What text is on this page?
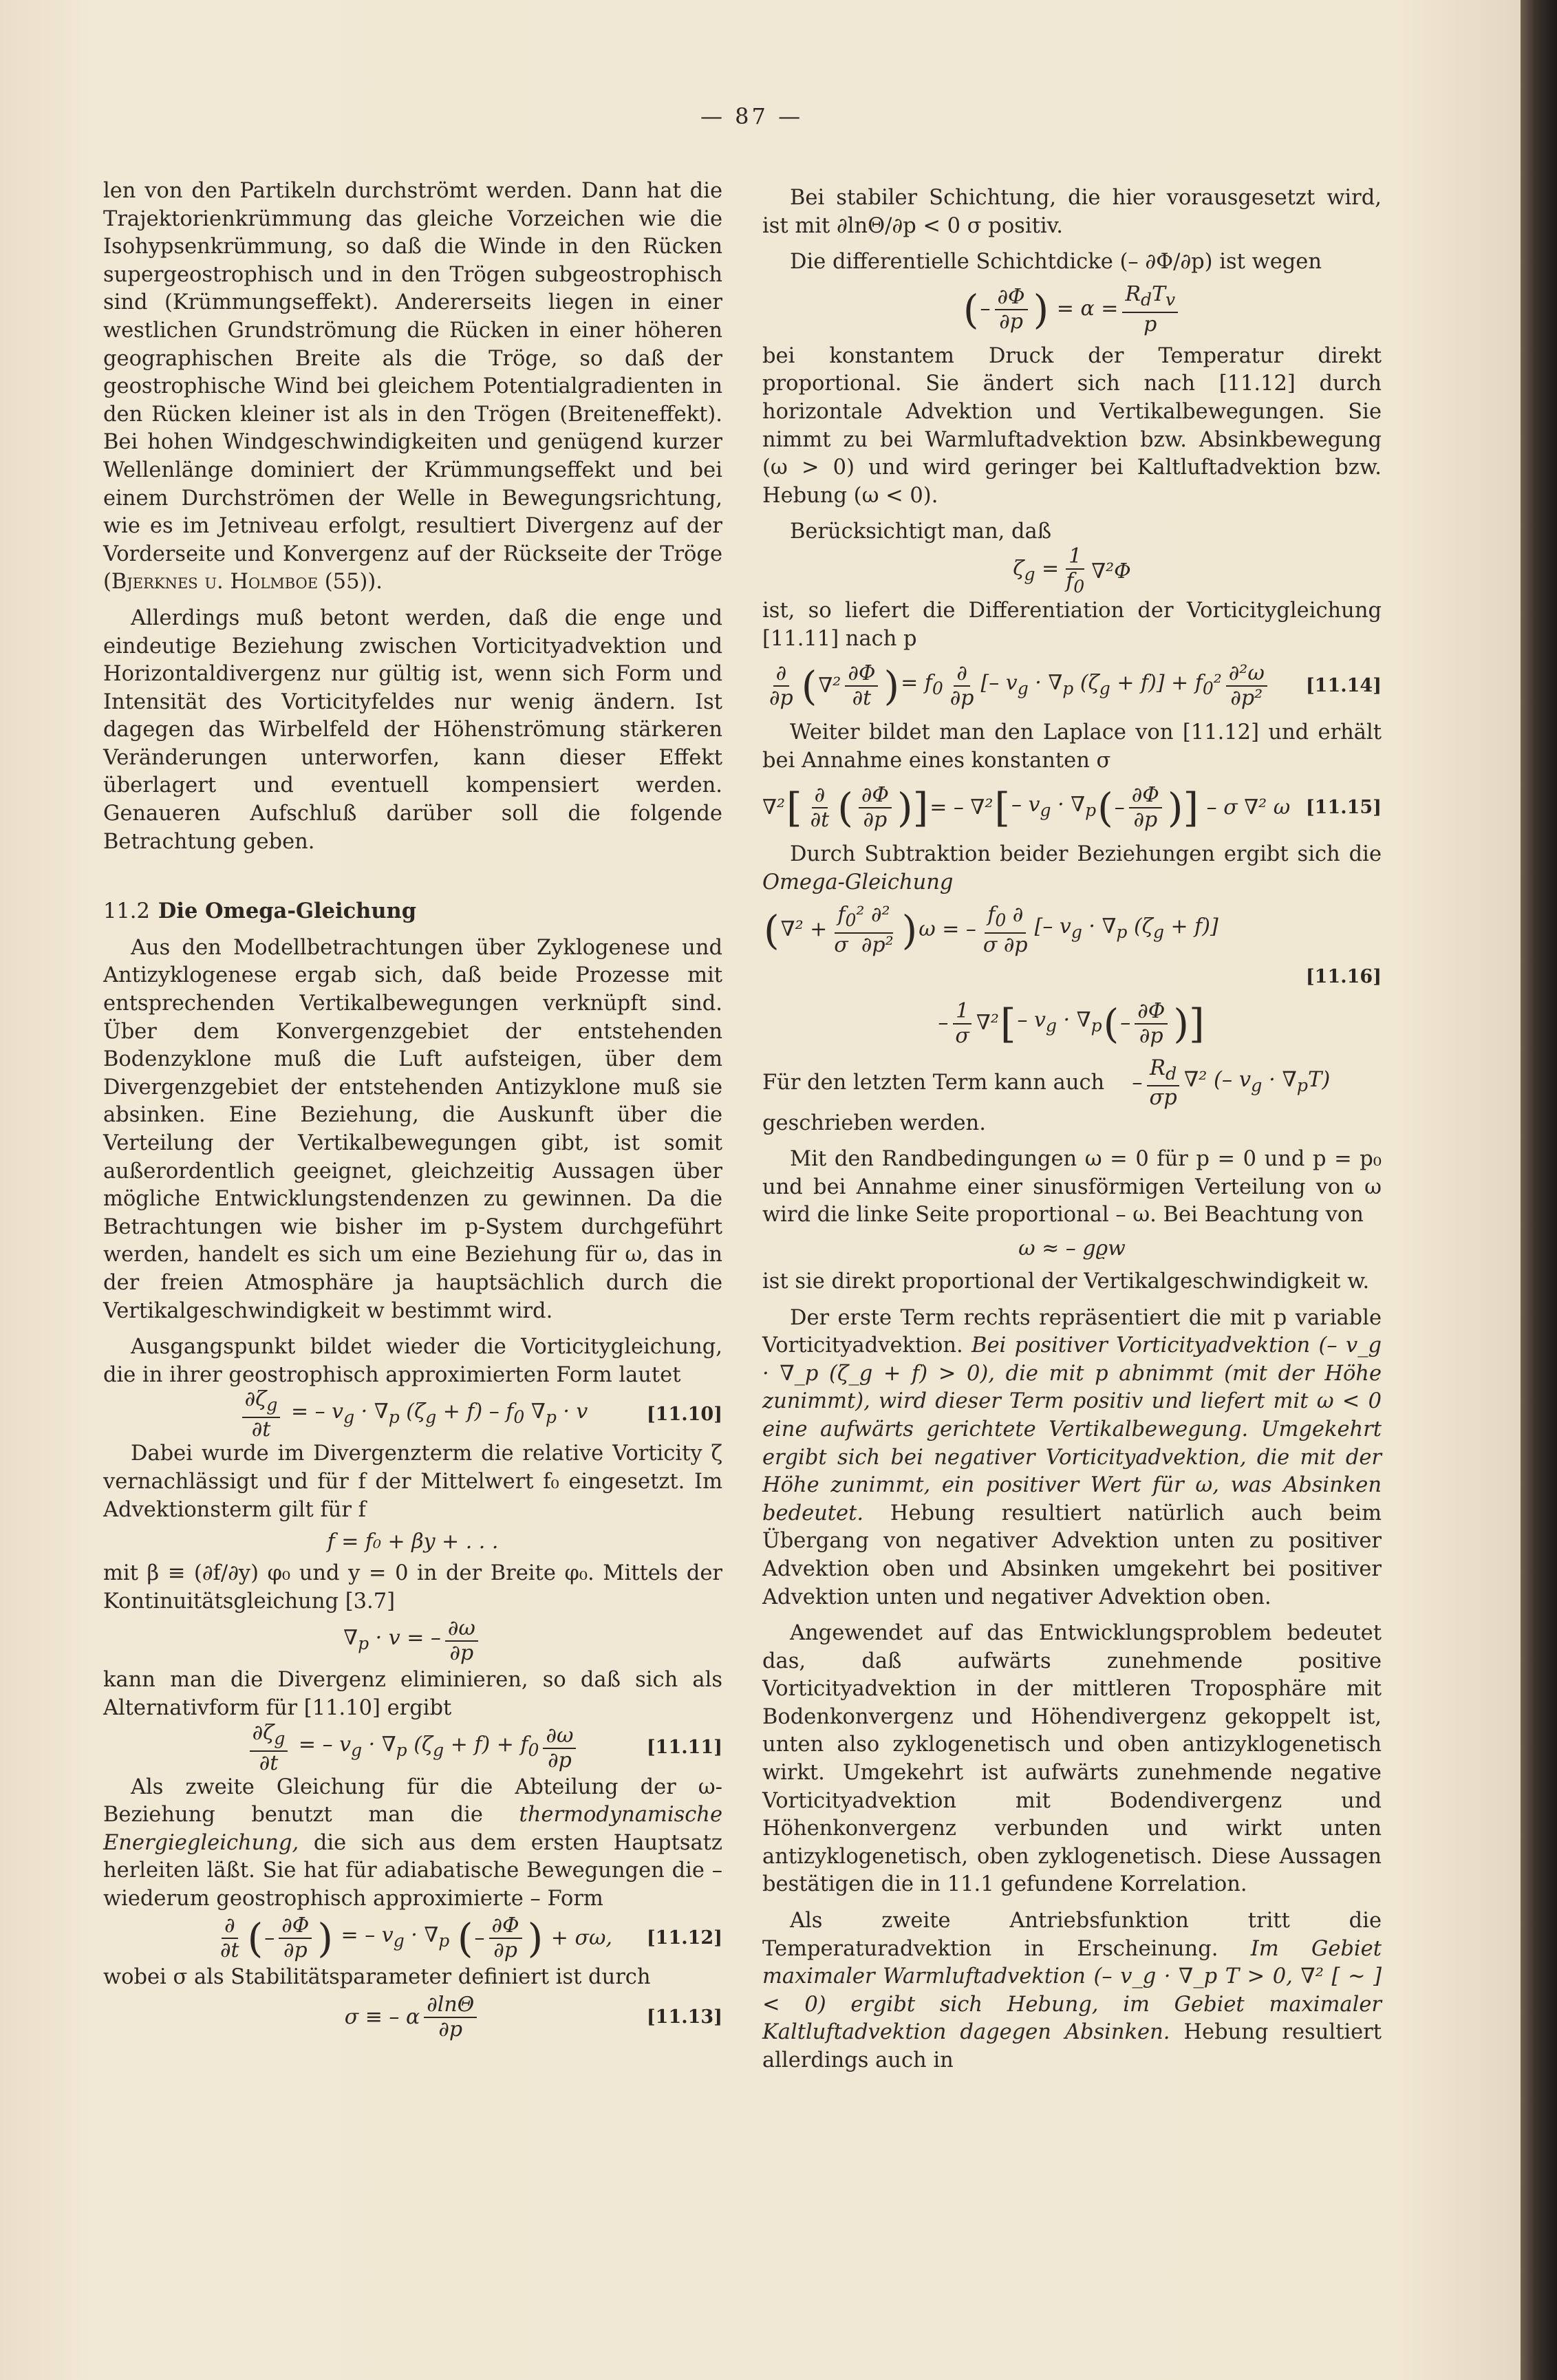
— 87 —

len von den Partikeln durchströmt werden. Dann hat die Trajektorienkrümmung das gleiche Vorzeichen wie die Isohypsenkrümmung, so daß die Winde in den Rücken supergeostrophisch und in den Trögen subgeostrophisch sind (Krümmungseffekt). Andererseits liegen in einer westlichen Grundströmung die Rücken in einer höheren geographischen Breite als die Tröge, so daß der geostrophische Wind bei gleichem Potentialgradienten in den Rücken kleiner ist als in den Trögen (Breiteneffekt). Bei hohen Windgeschwindigkeiten und genügend kurzer Wellenlänge dominiert der Krümmungseffekt und bei einem Durchströmen der Welle in Bewegungsrichtung, wie es im Jetniveau erfolgt, resultiert Divergenz auf der Vorderseite und Konvergenz auf der Rückseite der Tröge (Bjerknes u. Holmboe (55)).

Allerdings muß betont werden, daß die enge und eindeutige Beziehung zwischen Vorticityadvektion und Horizontaldivergenz nur gültig ist, wenn sich Form und Intensität des Vorticityfeldes nur wenig ändern. Ist dagegen das Wirbelfeld der Höhenströmung stärkeren Veränderungen unterworfen, kann dieser Effekt überlagert und eventuell kompensiert werden. Genaueren Aufschluß darüber soll die folgende Betrachtung geben.

11.2 Die Omega-Gleichung

Aus den Modellbetrachtungen über Zyklogenese und Antizyklogenese ergab sich, daß beide Prozesse mit entsprechenden Vertikalbewegungen verknüpft sind. Über dem Konvergenzgebiet der entstehenden Bodenzyklone muß die Luft aufsteigen, über dem Divergenzgebiet der entstehenden Antizyklone muß sie absinken. Eine Beziehung, die Auskunft über die Verteilung der Vertikalbewegungen gibt, ist somit außerordentlich geeignet, gleichzeitig Aussagen über mögliche Entwicklungstendenzen zu gewinnen. Da die Betrachtungen wie bisher im p-System durchgeführt werden, handelt es sich um eine Beziehung für ω, das in der freien Atmosphäre ja hauptsächlich durch die Vertikalgeschwindigkeit w bestimmt wird.

Ausgangspunkt bildet wieder die Vorticitygleichung, die in ihrer geostrophisch approximierten Form lautet

$\frac{\partial\zeta_g}{\partial t}$ = – $v_g \cdot \nabla_p$ $(\zeta_g + f) - f_0$ $\nabla_p \cdot v$	[11.10]

Dabei wurde im Divergenzterm die relative Vorticity ζ vernachlässigt und für f der Mittelwert f₀ eingesetzt. Im Advektionsterm gilt für f

f = f₀ + βy + . . .

mit β ≡ (∂f/∂y) φ₀ und y = 0 in der Breite φ₀. Mittels der Kontinuitätsgleichung [3.7]

$\nabla_p \cdot v$ = – $\frac{\partial\omega}{\partial p}$

kann man die Divergenz eliminieren, so daß sich als Alternativform für [11.10] ergibt

$\frac{\partial\zeta_g}{\partial t}$ = – $v_g \cdot \nabla_p$ $(\zeta_g + f) + f_0 \frac{\partial\omega}{\partial p}$	[11.11]

Als zweite Gleichung für die Abteilung der ω-Beziehung benutzt man die thermodynamische Energiegleichung, die sich aus dem ersten Hauptsatz herleiten läßt. Sie hat für adiabatische Bewegungen die – wiederum geostrophisch approximierte – Form

$\frac{\partial}{\partial t}$ ( – $\frac{\partial\Phi}{\partial p}$ ) = – $v_g \cdot \nabla_p$ ( – $\frac{\partial\Phi}{\partial p}$ ) + σω, [11.12]

wobei σ als Stabilitätsparameter definiert ist durch

σ ≡ – α $\frac{\partial\ln\Theta}{\partial p}$	[11.13]

Bei stabiler Schichtung, die hier vorausgesetzt wird, ist mit ∂lnΘ/∂p < 0 σ positiv.

Die differentielle Schichtdicke (– ∂Φ/∂p) ist wegen

( – $\frac{\partial\Phi}{\partial p}$ ) = $\alpha = \frac{R_dT_v}{p}$

bei konstantem Druck der Temperatur direkt proportional. Sie ändert sich nach [11.12] durch horizontale Advektion und Vertikalbewegungen. Sie nimmt zu bei Warmluftadvektion bzw. Absinkbewegung (ω > 0) und wird geringer bei Kaltluftadvektion bzw. Hebung (ω < 0).

Berücksichtigt man, daß

$\zeta_g = \frac{1}{f_0} \nabla^2\Phi$

ist, so liefert die Differentiation der Vorticitygleichung [11.11] nach p

$\frac{\partial}{\partial p}$ ( $\nabla^2 \frac{\partial\Phi}{\partial t}$ ) = $f_0 \frac{\partial}{\partial p}$ [– $v_g \cdot \nabla_p$ $(\zeta_g + f)] + f_0^2 \frac{\text{∂²ω}}{\text{∂p²}} [11.14]$

Weiter bildet man den Laplace von [11.12] und erhält bei Annahme eines konstanten σ

∇² [ $\frac{\partial}{\partial t}$ ( $\frac{\partial\Phi}{\partial p}$ )] = – ∇² [ – $v_g \cdot \nabla_p$ ( – $\frac{\partial\Phi}{\partial p}$ )] – σ ∇² ω [11.15]

Durch Subtraktion beider Beziehungen ergibt sich die Omega-Gleichung

( $\nabla^2 + \frac{f_0^2 \partial^2}{\text{σ  ∂p²}}$ ) ω = – $\frac{f_0 \partial}{\sigma \partial p}$ [– $v_g \cdot \nabla_p$ $(\zeta_g + f)$]
[11.16]
– $\frac{1}{\sigma} \nabla^2$ [ – $v_g \cdot \nabla_p$ ( – $\frac{\partial\Phi}{\partial p}$ )]

Für den letzten Term kann auch – $\frac{R_d}{\sigma p} \nabla^2$ (– $v_g \cdot \nabla_pT$)

geschrieben werden.

Mit den Randbedingungen ω = 0 für p = 0 und p = p₀ und bei Annahme einer sinusförmigen Verteilung von ω wird die linke Seite proportional – ω. Bei Beachtung von

ω ≈ – gϱw

ist sie direkt proportional der Vertikalgeschwindigkeit w.

Der erste Term rechts repräsentiert die mit p variable Vorticityadvektion. Bei positiver Vorticityadvektion (– v_g · ∇_p (ζ_g + f) > 0), die mit p abnimmt (mit der Höhe zunimmt), wird dieser Term positiv und liefert mit ω < 0 eine aufwärts gerichtete Vertikalbewegung. Umgekehrt ergibt sich bei negativer Vorticityadvektion, die mit der Höhe zunimmt, ein positiver Wert für ω, was Absinken bedeutet. Hebung resultiert natürlich auch beim Übergang von negativer Advektion unten zu positiver Advektion oben und Absinken umgekehrt bei positiver Advektion unten und negativer Advektion oben.

Angewendet auf das Entwicklungsproblem bedeutet das, daß aufwärts zunehmende positive Vorticityadvektion in der mittleren Troposphäre mit Bodenkonvergenz und Höhendivergenz gekoppelt ist, unten also zyklogenetisch und oben antizyklogenetisch wirkt. Umgekehrt ist aufwärts zunehmende negative Vorticityadvektion mit Bodendivergenz und Höhenkonvergenz verbunden und wirkt unten antizyklogenetisch, oben zyklogenetisch. Diese Aussagen bestätigen die in 11.1 gefundene Korrelation.

Als zweite Antriebsfunktion tritt die Temperaturadvektion in Erscheinung. Im Gebiet maximaler Warmluftadvektion (– v_g · ∇_p T > 0, ∇² [ ~ ] < 0) ergibt sich Hebung, im Gebiet maximaler Kaltluftadvektion dagegen Absinken. Hebung resultiert allerdings auch in
